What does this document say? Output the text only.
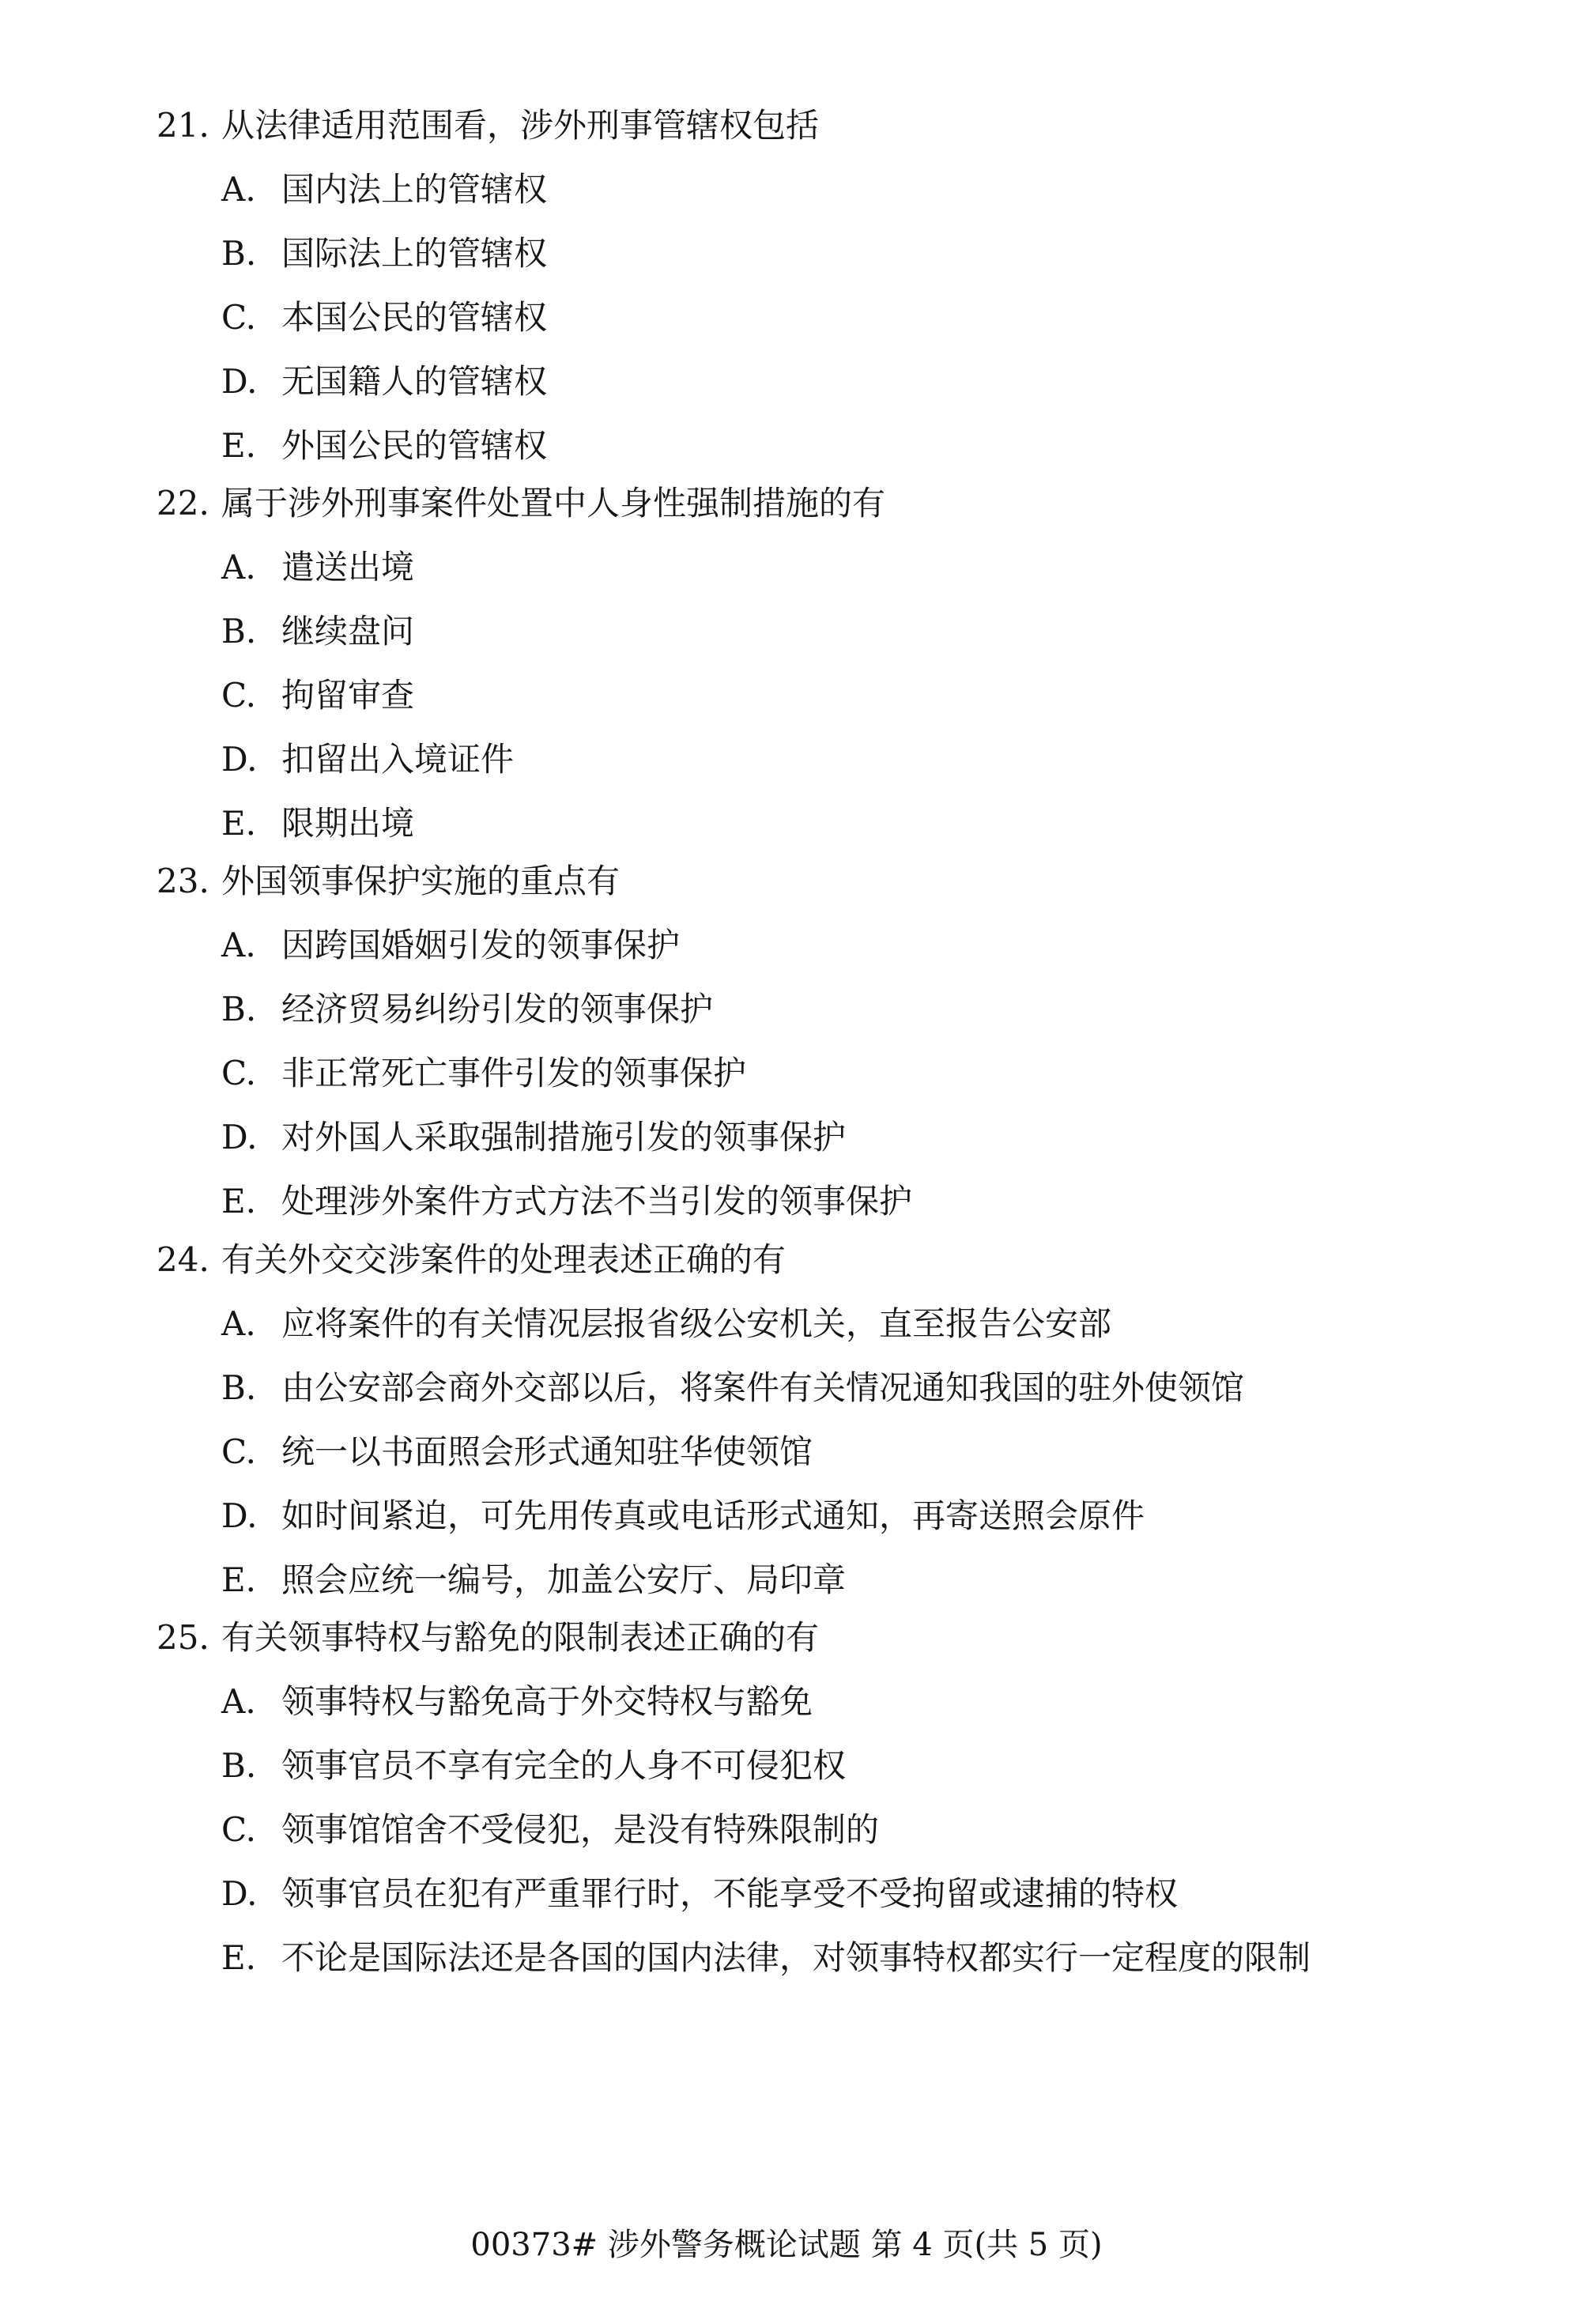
21. 从法律适用范围看，涉外刑事管辖权包括
A. 国内法上的管辖权
B. 国际法上的管辖权
C. 本国公民的管辖权
D. 无国籍人的管辖权
E. 外国公民的管辖权
22. 属于涉外刑事案件处置中人身性强制措施的有
A. 遣送出境
B. 继续盘问
C. 拘留审查
D. 扣留出入境证件
E. 限期出境
23. 外国领事保护实施的重点有
A. 因跨国婚姻引发的领事保护
B. 经济贸易纠纷引发的领事保护
C. 非正常死亡事件引发的领事保护
D. 对外国人采取强制措施引发的领事保护
E. 处理涉外案件方式方法不当引发的领事保护
24. 有关外交交涉案件的处理表述正确的有
A. 应将案件的有关情况层报省级公安机关，直至报告公安部
B. 由公安部会商外交部以后，将案件有关情况通知我国的驻外使领馆
C. 统一以书面照会形式通知驻华使领馆
D. 如时间紧迫，可先用传真或电话形式通知，再寄送照会原件
E. 照会应统一编号，加盖公安厅、局印章
25. 有关领事特权与豁免的限制表述正确的有
A. 领事特权与豁免高于外交特权与豁免
B. 领事官员不享有完全的人身不可侵犯权
C. 领事馆馆舍不受侵犯，是没有特殊限制的
D. 领事官员在犯有严重罪行时，不能享受不受拘留或逮捕的特权
E. 不论是国际法还是各国的国内法律，对领事特权都实行一定程度的限制
00373# 涉外警务概论试题 第 4 页(共 5 页)
